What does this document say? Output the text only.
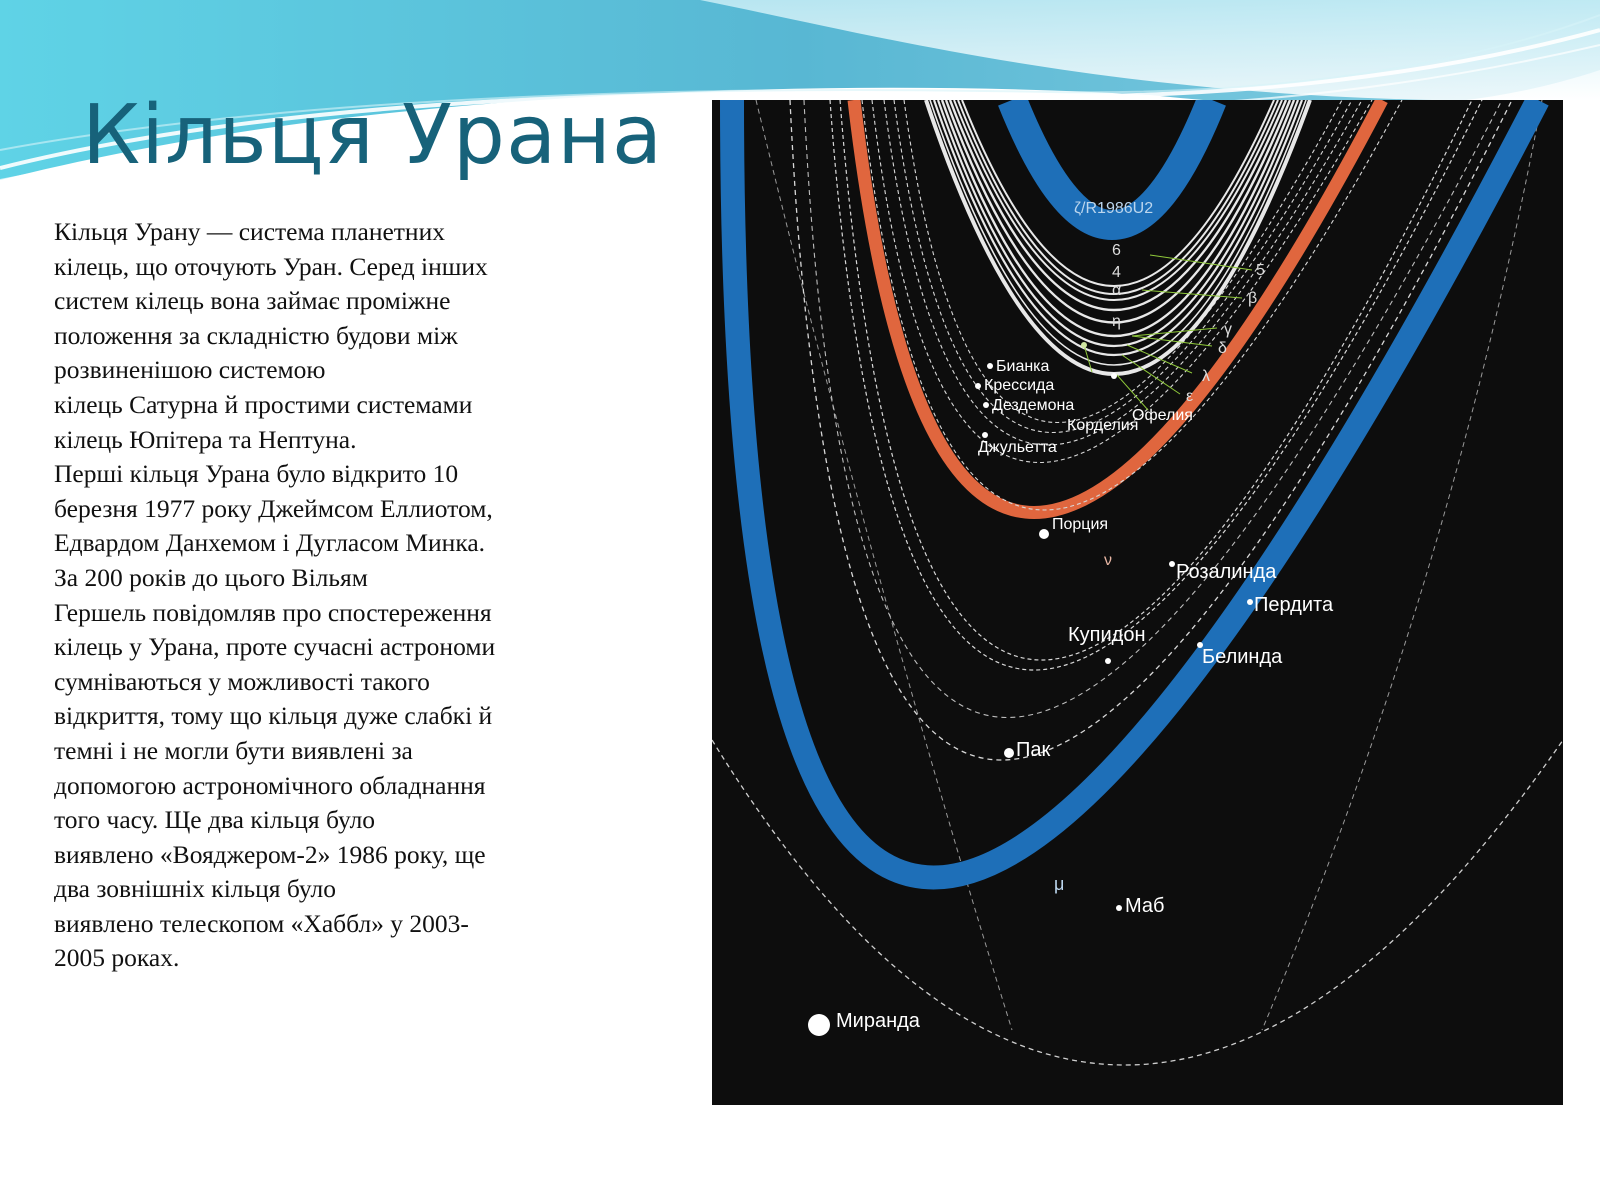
Кільця Урана
Кільця Урану — система планетних
кілець, що оточують Уран. Серед інших
систем кілець вона займає проміжне
положення за складністю будови між
розвиненішою системою
кілець Сатурна й простими системами
кілець Юпітера та Нептуна.
Перші кільця Урана було відкрито 10
березня 1977 року Джеймсом Еллиотом,
Едвардом Данхемом і Дугласом Минка.
За 200 років до цього Вільям
Гершель повідомляв про спостереження
кілець у Урана, проте сучасні астрономи
сумніваються у можливості такого
відкриття, тому що кільця дуже слабкі й
темні і не могли бути виявлені за
допомогою астрономічного обладнання
того часу. Ще два кільця було
виявлено «Вояджером-2» 1986 року, ще
два зовнішніх кільця було
виявлено телескопом «Хаббл» у 2003-
2005 роках.
ζ/R1986U2
6
5
4
α	β
η	γ
δ
λ
ε
ν
μ
Бианка
Крессида
Дездемона
Джульетта
Корделия
Офелия
Порция
Розалинда
Пердита
Купидон
Белинда
Пак
Маб
Миранда
